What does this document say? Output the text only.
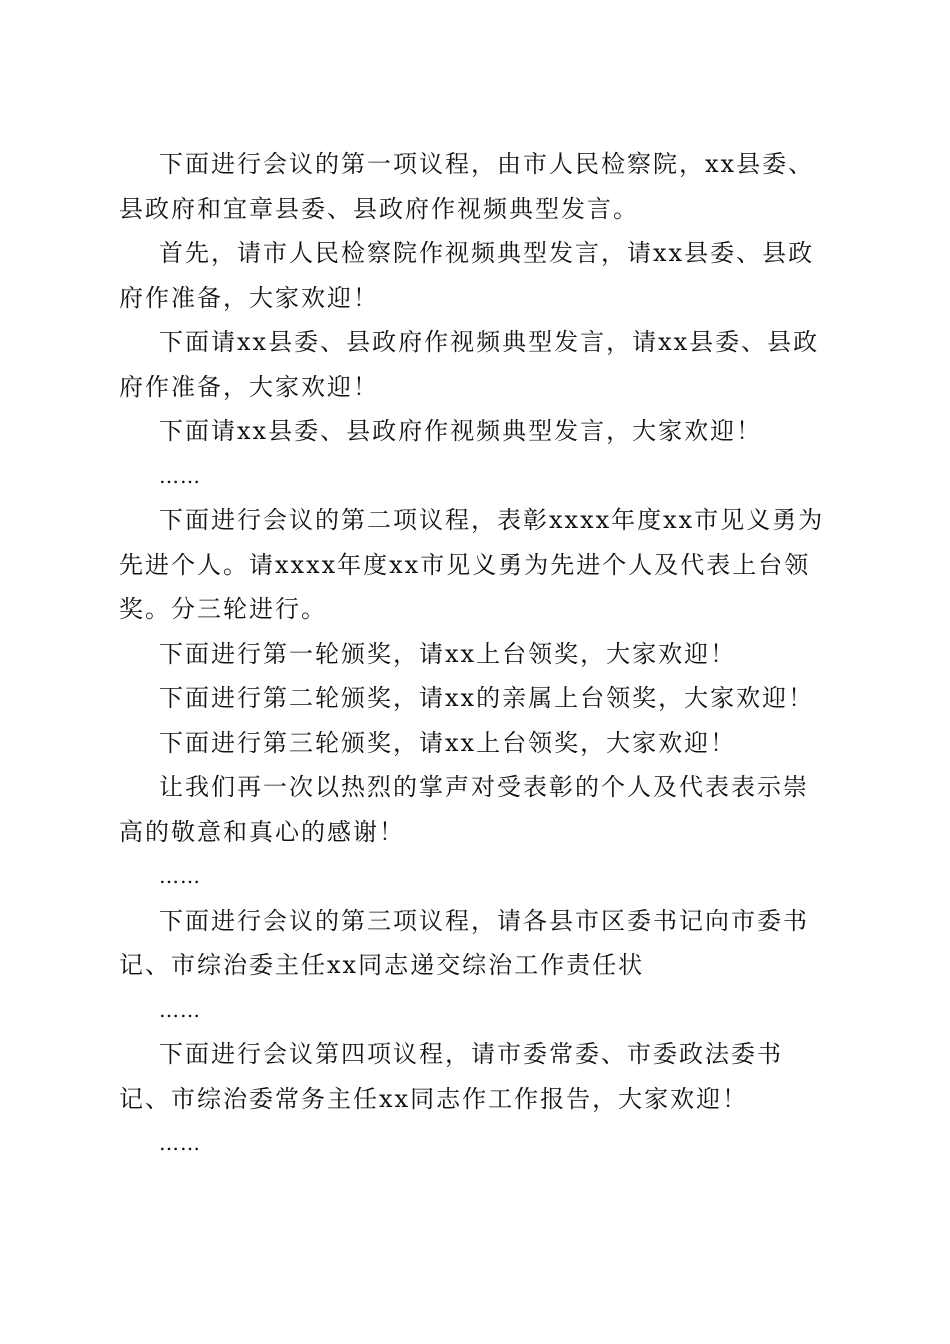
下面进行会议的第一项议程，由市人民检察院，xx县委、县政府和宜章县委、县政府作视频典型发言。

首先，请市人民检察院作视频典型发言，请xx县委、县政府作准备，大家欢迎！

下面请xx县委、县政府作视频典型发言，请xx县委、县政府作准备，大家欢迎！

下面请xx县委、县政府作视频典型发言，大家欢迎！

……

下面进行会议的第二项议程，表彰xxxx年度xx市见义勇为先进个人。请xxxx年度xx市见义勇为先进个人及代表上台领奖。分三轮进行。

下面进行第一轮颁奖，请xx上台领奖，大家欢迎！

下面进行第二轮颁奖，请xx的亲属上台领奖，大家欢迎！

下面进行第三轮颁奖，请xx上台领奖，大家欢迎！

让我们再一次以热烈的掌声对受表彰的个人及代表表示崇高的敬意和真心的感谢！

……

下面进行会议的第三项议程，请各县市区委书记向市委书记、市综治委主任xx同志递交综治工作责任状

……

下面进行会议第四项议程，请市委常委、市委政法委书记、市综治委常务主任xx同志作工作报告，大家欢迎！

……
